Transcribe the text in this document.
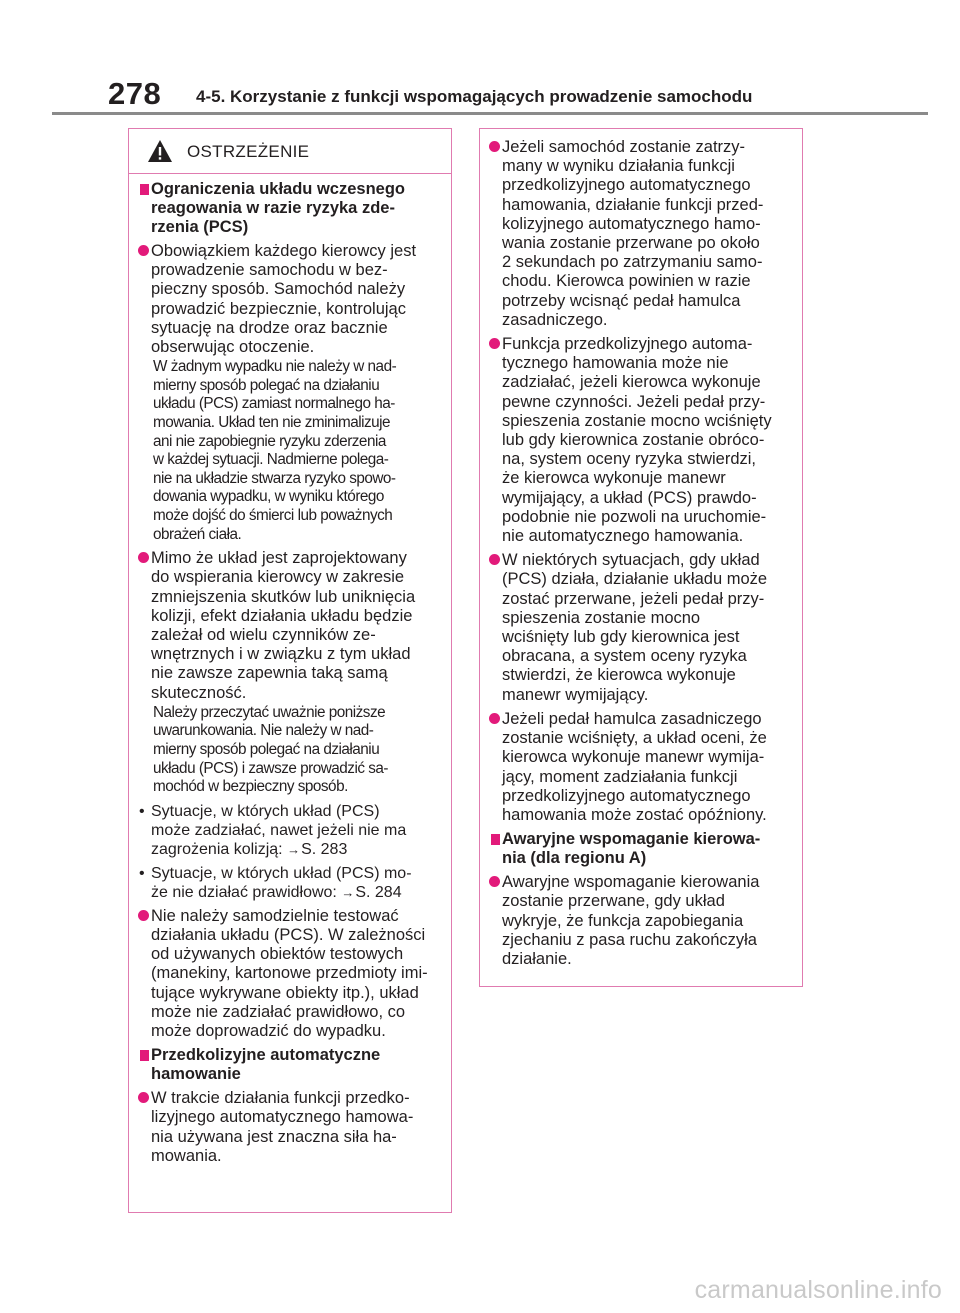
278 4-5. Korzystanie z funkcji wspomagających prowadzenie samochodu
OSTRZEŻENIE
Ograniczenia układu wczesnego
reagowania w razie ryzyka zde-
rzenia (PCS)
Obowiązkiem każdego kierowcy jest
prowadzenie samochodu w bez-
pieczny sposób. Samochód należy
prowadzić bezpiecznie, kontrolując
sytuację na drodze oraz bacznie
obserwując otoczenie.
W żadnym wypadku nie należy w nad-
mierny sposób polegać na działaniu
układu (PCS) zamiast normalnego ha-
mowania. Układ ten nie zminimalizuje
ani nie zapobiegnie ryzyku zderzenia
w każdej sytuacji. Nadmierne polega-
nie na układzie stwarza ryzyko spowo-
dowania wypadku, w wyniku którego
może dojść do śmierci lub poważnych
obrażeń ciała.
Mimo że układ jest zaprojektowany
do wspierania kierowcy w zakresie
zmniejszenia skutków lub uniknięcia
kolizji, efekt działania układu będzie
zależał od wielu czynników ze-
wnętrznych i w związku z tym układ
nie zawsze zapewnia taką samą
skuteczność.
Należy przeczytać uważnie poniższe
uwarunkowania. Nie należy w nad-
mierny sposób polegać na działaniu
układu (PCS) i zawsze prowadzić sa-
mochód w bezpieczny sposób.
• Sytuacje, w których układ (PCS)
może zadziałać, nawet jeżeli nie ma
zagrożenia kolizją: →S. 283
• Sytuacje, w których układ (PCS) mo-
że nie działać prawidłowo: →S. 284
Nie należy samodzielnie testować
działania układu (PCS). W zależności
od używanych obiektów testowych
(manekiny, kartonowe przedmioty imi-
tujące wykrywane obiekty itp.), układ
może nie zadziałać prawidłowo, co
może doprowadzić do wypadku.
Przedkolizyjne automatyczne
hamowanie
W trakcie działania funkcji przedko-
lizyjnego automatycznego hamowa-
nia używana jest znaczna siła ha-
mowania.
Jeżeli samochód zostanie zatrzy-
many w wyniku działania funkcji
przedkolizyjnego automatycznego
hamowania, działanie funkcji przed-
kolizyjnego automatycznego hamo-
wania zostanie przerwane po około
2 sekundach po zatrzymaniu samo-
chodu. Kierowca powinien w razie
potrzeby wcisnąć pedał hamulca
zasadniczego.
Funkcja przedkolizyjnego automa-
tycznego hamowania może nie
zadziałać, jeżeli kierowca wykonuje
pewne czynności. Jeżeli pedał przy-
spieszenia zostanie mocno wciśnięty
lub gdy kierownica zostanie obróco-
na, system oceny ryzyka stwierdzi,
że kierowca wykonuje manewr
wymijający, a układ (PCS) prawdo-
podobnie nie pozwoli na uruchomie-
nie automatycznego hamowania.
W niektórych sytuacjach, gdy układ
(PCS) działa, działanie układu może
zostać przerwane, jeżeli pedał przy-
spieszenia zostanie mocno
wciśnięty lub gdy kierownica jest
obracana, a system oceny ryzyka
stwierdzi, że kierowca wykonuje
manewr wymijający.
Jeżeli pedał hamulca zasadniczego
zostanie wciśnięty, a układ oceni, że
kierowca wykonuje manewr wymija-
jący, moment zadziałania funkcji
przedkolizyjnego automatycznego
hamowania może zostać opóźniony.
Awaryjne wspomaganie kierowa-
nia (dla regionu A)
Awaryjne wspomaganie kierowania
zostanie przerwane, gdy układ
wykryje, że funkcja zapobiegania
zjechaniu z pasa ruchu zakończyła
działanie.
carmanualsonline.info
